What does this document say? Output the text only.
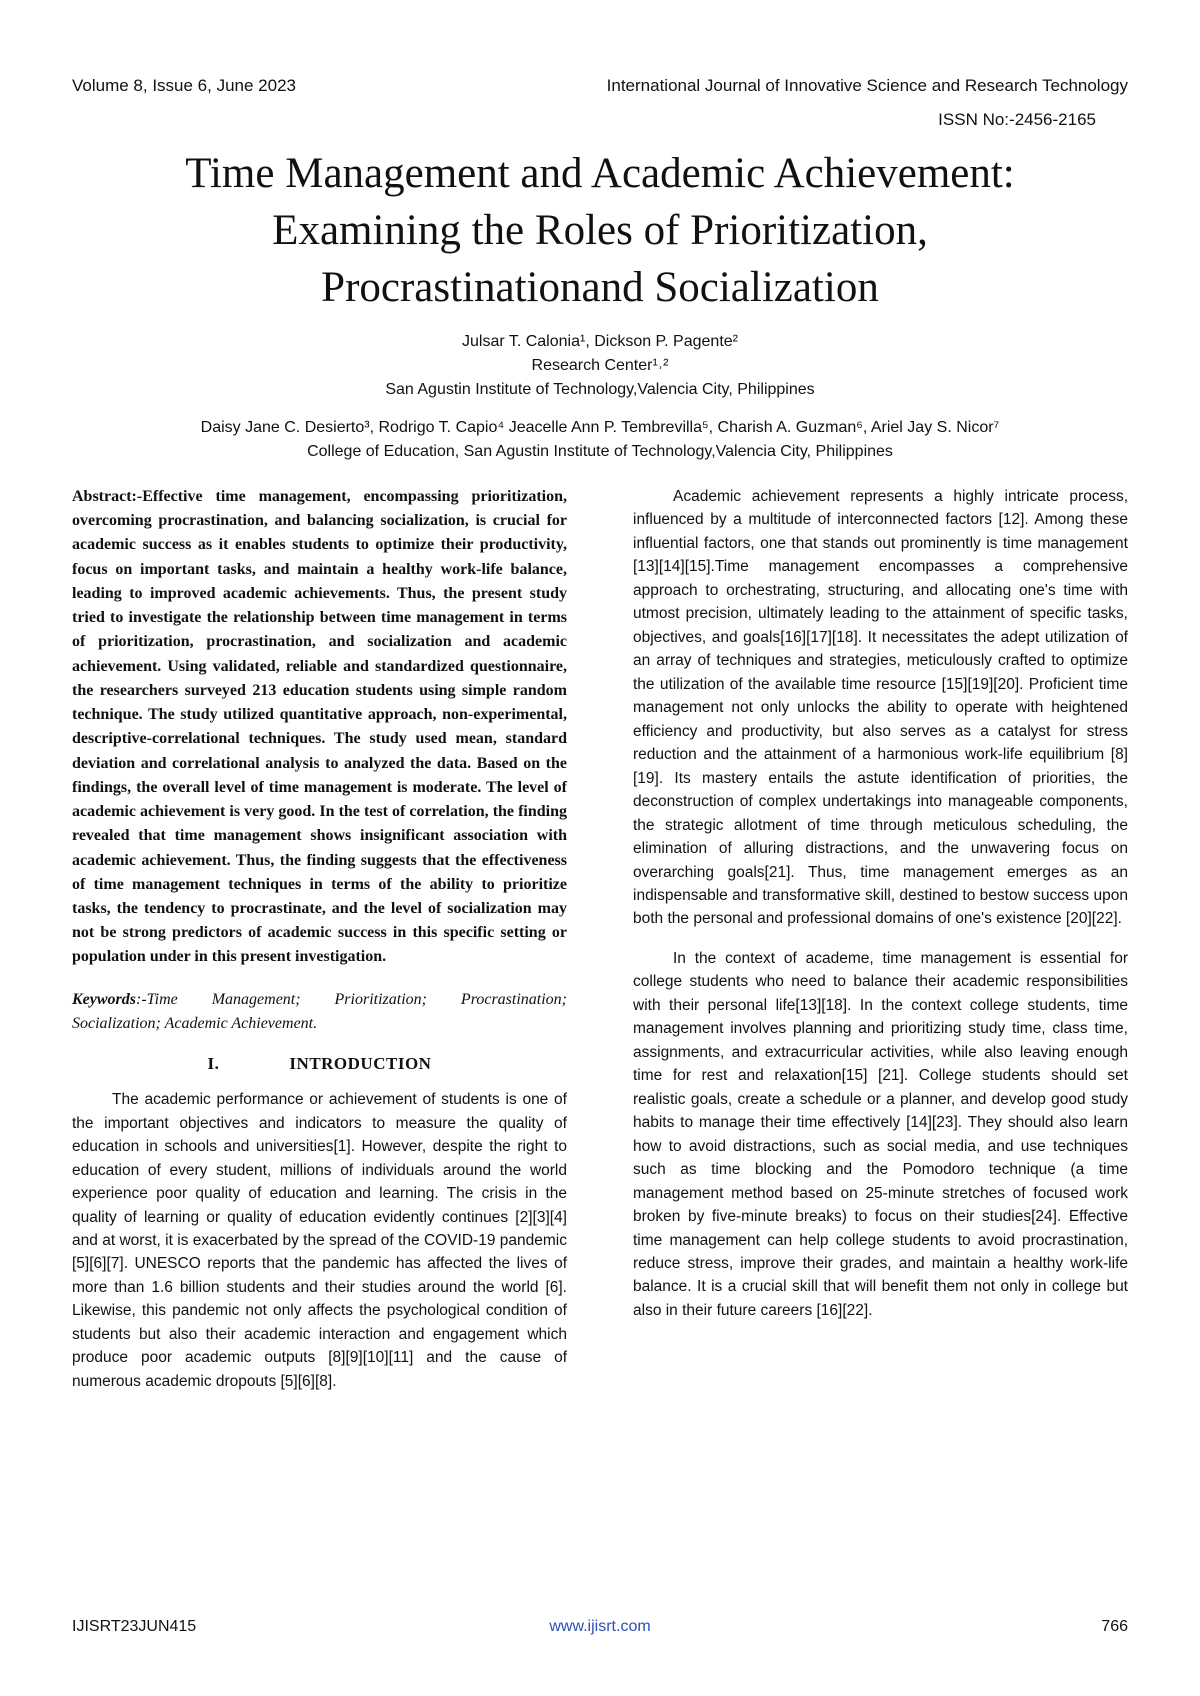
Volume 8, Issue 6, June 2023	International Journal of Innovative Science and Research Technology
ISSN No:-2456-2165
Time Management and Academic Achievement:
Examining the Roles of Prioritization,
Procrastinationand Socialization

Julsar T. Calonia¹, Dickson P. Pagente²

Research Center¹˒²

San Agustin Institute of Technology,Valencia City, Philippines

Daisy Jane C. Desierto³, Rodrigo T. Capio⁴ Jeacelle Ann P. Tembrevilla⁵, Charish A. Guzman⁶, Ariel Jay S. Nicor⁷

College of Education, San Agustin Institute of Technology,Valencia City, Philippines

Abstract:-Effective time management, encompassing prioritization, overcoming procrastination, and balancing socialization, is crucial for academic success as it enables students to optimize their productivity, focus on important tasks, and maintain a healthy work-life balance, leading to improved academic achievements. Thus, the present study tried to investigate the relationship between time management in terms of prioritization, procrastination, and socialization and academic achievement. Using validated, reliable and standardized questionnaire, the researchers surveyed 213 education students using simple random technique. The study utilized quantitative approach, non-experimental, descriptive-correlational techniques. The study used mean, standard deviation and correlational analysis to analyzed the data. Based on the findings, the overall level of time management is moderate. The level of academic achievement is very good. In the test of correlation, the finding revealed that time management shows insignificant association with academic achievement. Thus, the finding suggests that the effectiveness of time management techniques in terms of the ability to prioritize tasks, the tendency to procrastinate, and the level of socialization may not be strong predictors of academic success in this specific setting or population under in this present investigation.

Keywords:-Time Management; Prioritization; Procrastination; Socialization; Academic Achievement.

I.	INTRODUCTION

The academic performance or achievement of students is one of the important objectives and indicators to measure the quality of education in schools and universities[1]. However, despite the right to education of every student, millions of individuals around the world experience poor quality of education and learning. The crisis in the quality of learning or quality of education evidently continues [2][3][4] and at worst, it is exacerbated by the spread of the COVID-19 pandemic [5][6][7]. UNESCO reports that the pandemic has affected the lives of more than 1.6 billion students and their studies around the world [6]. Likewise, this pandemic not only affects the psychological condition of students but also their academic interaction and engagement which produce poor academic outputs [8][9][10][11] and the cause of numerous academic dropouts [5][6][8].

Academic achievement represents a highly intricate process, influenced by a multitude of interconnected factors [12]. Among these influential factors, one that stands out prominently is time management [13][14][15].Time management encompasses a comprehensive approach to orchestrating, structuring, and allocating one's time with utmost precision, ultimately leading to the attainment of specific tasks, objectives, and goals[16][17][18]. It necessitates the adept utilization of an array of techniques and strategies, meticulously crafted to optimize the utilization of the available time resource [15][19][20]. Proficient time management not only unlocks the ability to operate with heightened efficiency and productivity, but also serves as a catalyst for stress reduction and the attainment of a harmonious work-life equilibrium [8][19]. Its mastery entails the astute identification of priorities, the deconstruction of complex undertakings into manageable components, the strategic allotment of time through meticulous scheduling, the elimination of alluring distractions, and the unwavering focus on overarching goals[21]. Thus, time management emerges as an indispensable and transformative skill, destined to bestow success upon both the personal and professional domains of one's existence [20][22].

In the context of academe, time management is essential for college students who need to balance their academic responsibilities with their personal life[13][18]. In the context college students, time management involves planning and prioritizing study time, class time, assignments, and extracurricular activities, while also leaving enough time for rest and relaxation[15] [21]. College students should set realistic goals, create a schedule or a planner, and develop good study habits to manage their time effectively [14][23]. They should also learn how to avoid distractions, such as social media, and use techniques such as time blocking and the Pomodoro technique (a time management method based on 25-minute stretches of focused work broken by five-minute breaks) to focus on their studies[24]. Effective time management can help college students to avoid procrastination, reduce stress, improve their grades, and maintain a healthy work-life balance. It is a crucial skill that will benefit them not only in college but also in their future careers [16][22].

IJISRT23JUN415	www.ijisrt.com	766
